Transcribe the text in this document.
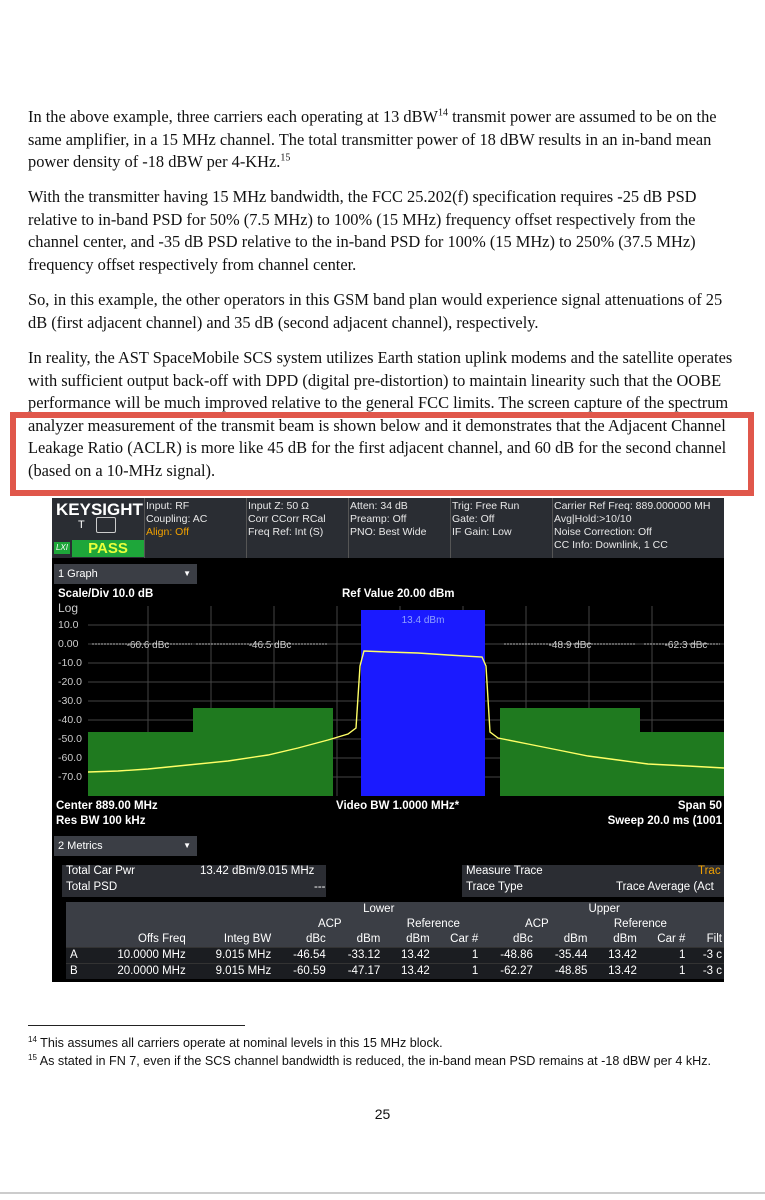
In the above example, three carriers each operating at 13 dBW$^{14}$ transmit power are assumed to be on the same amplifier, in a 15 MHz channel. The total transmitter power of 18 dBW results in an in-band mean power density of -18 dBW per 4-KHz.$^{15}$

With the transmitter having 15 MHz bandwidth, the FCC 25.202(f) specification requires -25 dB PSD relative to in-band PSD for 50% (7.5 MHz) to 100% (15 MHz) frequency offset respectively from the channel center, and -35 dB PSD relative to the in-band PSD for 100% (15 MHz) to 250% (37.5 MHz) frequency offset respectively from channel center.

So, in this example, the other operators in this GSM band plan would experience signal attenuations of 25 dB (first adjacent channel) and 35 dB (second adjacent channel), respectively.

In reality, the AST SpaceMobile SCS system utilizes Earth station uplink modems and the satellite operates with sufficient output back-off with DPD (digital pre-distortion) to maintain linearity such that the OOBE performance will be much improved relative to the general FCC limits. The screen capture of the spectrum analyzer measurement of the transmit beam is shown below and it demonstrates that the Adjacent Channel Leakage Ratio (ACLR) is more like 45 dB for the first adjacent channel, and 60 dB for the second channel (based on a 10-MHz signal).

KEYSIGHT
T
LXI	PASS
Input: RF
Coupling: AC
Align: Off
Input Z: 50 Ω
Corr CCorr RCal
Freq Ref: Int (S)
Atten: 34 dB
Preamp: Off
PNO: Best Wide
Trig: Free Run
Gate: Off
IF Gain: Low
Carrier Ref Freq: 889.000000 MH
Avg|Hold:>10/10
Noise Correction: Off
CC Info: Downlink, 1 CC
1 Graph	▼
Scale/Div 10.0 dB	Ref Value 20.00 dBm
Log
10.0
0.00
-10.0
-20.0
-30.0
-40.0
-50.0
-60.0
-70.0
13.4 dBm
-60.6 dBc	-46.5 dBc	-48.9 dBc	-62.3 dBc
Center 889.00 MHz	Video BW 1.0000 MHz*	Span 50
Res BW 100 kHz	Sweep 20.0 ms (1001
2 Metrics	▼
Total Car Pwr	13.42 dBm/9.015 MHz
Total PSD	---
Measure Trace	Trac
Trace Type	Trace Average (Act
			Lower				Upper				
			ACP		Reference		ACP		Reference		
	Offs Freq	Integ BW	dBc	dBm	dBm	Car #	dBc	dBm	dBm	Car #	Filt
A	10.0000 MHz	9.015 MHz	-46.54	-33.12	13.42	1	-48.86	-35.44	13.42	1	-3 c
B	20.0000 MHz	9.015 MHz	-60.59	-47.17	13.42	1	-62.27	-48.85	13.42	1	-3 c

$^{14}$ This assumes all carriers operate at nominal levels in this 15 MHz block.

$^{15}$ As stated in FN 7, even if the SCS channel bandwidth is reduced, the in-band mean PSD remains at -18 dBW per 4 kHz.

25
